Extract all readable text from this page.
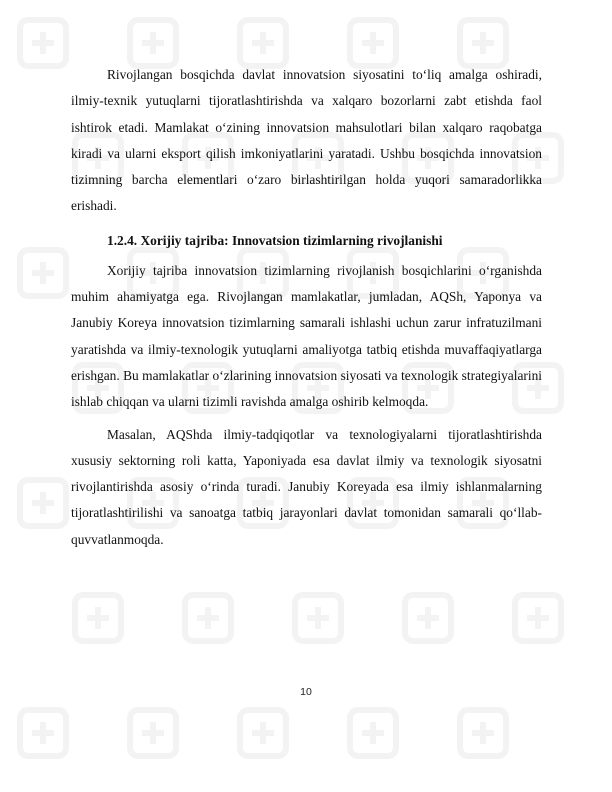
Rivojlangan bosqichda davlat innovatsion siyosatini to‘liq amalga oshiradi, ilmiy-texnik yutuqlarni tijoratlashtirishda va xalqaro bozorlarni zabt etishda faol ishtirok etadi. Mamlakat o‘zining innovatsion mahsulotlari bilan xalqaro raqobatga kiradi va ularni eksport qilish imkoniyatlarini yaratadi. Ushbu bosqichda innovatsion tizimning barcha elementlari o‘zaro birlashtirilgan holda yuqori samaradorlikka erishadi.

1.2.4. Xorijiy tajriba: Innovatsion tizimlarning rivojlanishi

Xorijiy tajriba innovatsion tizimlarning rivojlanish bosqichlarini o‘rganishda muhim ahamiyatga ega. Rivojlangan mamlakatlar, jumladan, AQSh, Yaponya va Janubiy Koreya innovatsion tizimlarning samarali ishlashi uchun zarur infratuzilmani yaratishda va ilmiy-texnologik yutuqlarni amaliyotga tatbiq etishda muvaffaqiyatlarga erishgan. Bu mamlakatlar o‘zlarining innovatsion siyosati va texnologik strategiyalarini ishlab chiqqan va ularni tizimli ravishda amalga oshirib kelmoqda.

Masalan, AQShda ilmiy-tadqiqotlar va texnologiyalarni tijoratlashtirishda xususiy sektorning roli katta, Yaponiyada esa davlat ilmiy va texnologik siyosatni rivojlantirishda asosiy o‘rinda turadi. Janubiy Koreyada esa ilmiy ishlanmalarning tijoratlashtirilishi va sanoatga tatbiq jarayonlari davlat tomonidan samarali qo‘llab-quvvatlanmoqda.

10
